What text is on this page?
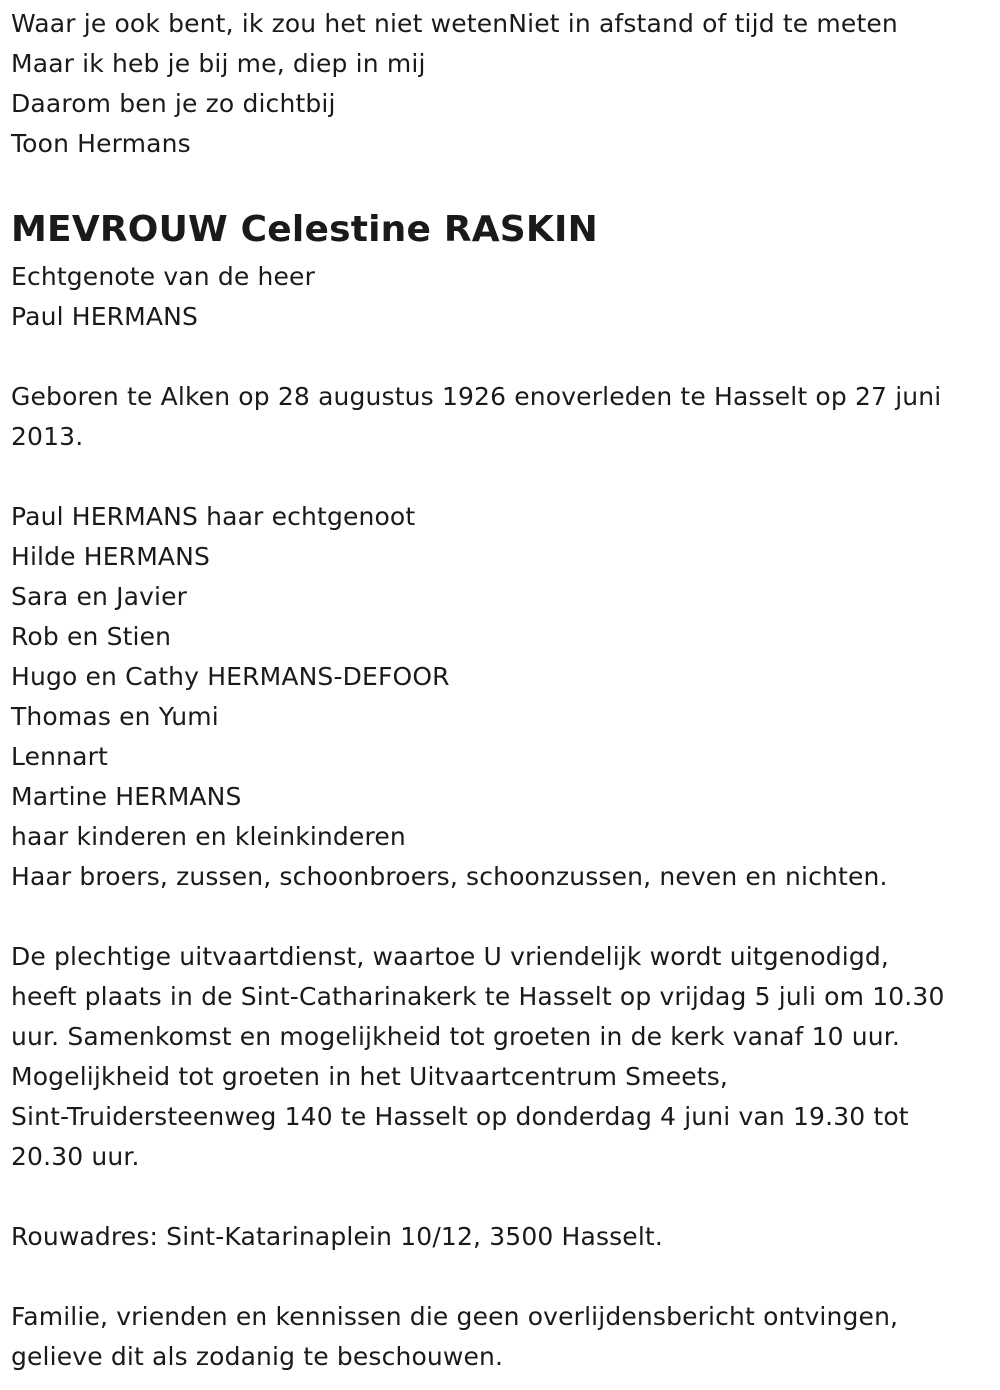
Waar je ook bent, ik zou het niet wetenNiet in afstand of tijd te meten
Maar ik heb je bij me, diep in mij
Daarom ben je zo dichtbij
Toon Hermans
MEVROUW Celestine RASKIN
Echtgenote van de heer
Paul HERMANS
Geboren te Alken op 28 augustus 1926 enoverleden te Hasselt op 27 juni
2013.
Paul HERMANS haar echtgenoot
Hilde HERMANS
Sara en Javier
Rob en Stien
Hugo en Cathy HERMANS-DEFOOR
Thomas en Yumi
Lennart
Martine HERMANS
haar kinderen en kleinkinderen
Haar broers, zussen, schoonbroers, schoonzussen, neven en nichten.
De plechtige uitvaartdienst, waartoe U vriendelijk wordt uitgenodigd,
heeft plaats in de Sint-Catharinakerk te Hasselt op vrijdag 5 juli om 10.30
uur. Samenkomst en mogelijkheid tot groeten in de kerk vanaf 10 uur.
Mogelijkheid tot groeten in het Uitvaartcentrum Smeets,
Sint-Truidersteenweg 140 te Hasselt op donderdag 4 juni van 19.30 tot
20.30 uur.
Rouwadres: Sint-Katarinaplein 10/12, 3500 Hasselt.
Familie, vrienden en kennissen die geen overlijdensbericht ontvingen,
gelieve dit als zodanig te beschouwen.
